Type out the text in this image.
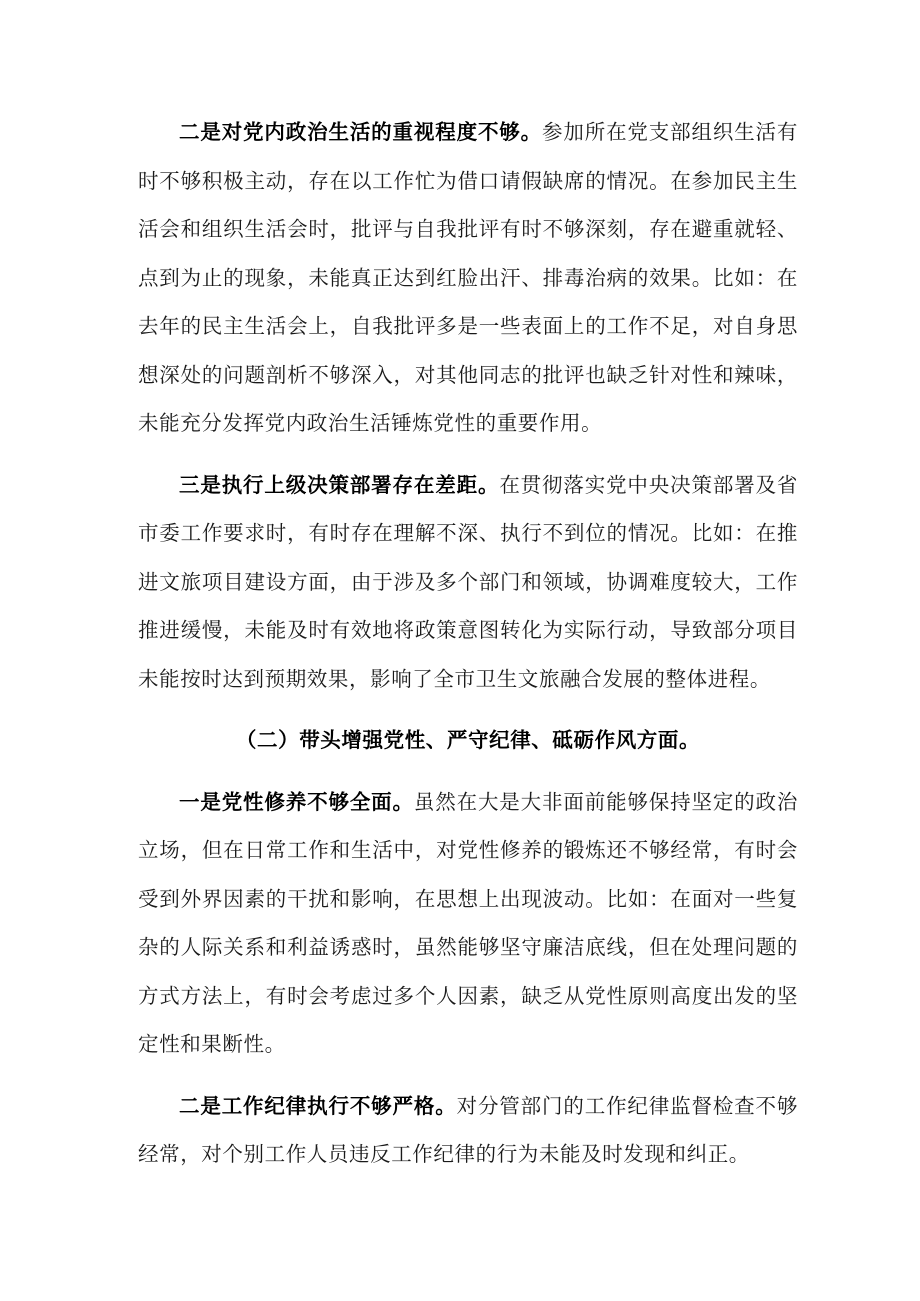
二是对党内政治生活的重视程度不够。参加所在党支部组织生活有时不够积极主动，存在以工作忙为借口请假缺席的情况。在参加民主生活会和组织生活会时，批评与自我批评有时不够深刻，存在避重就轻、点到为止的现象，未能真正达到红脸出汗、排毒治病的效果。比如：在去年的民主生活会上，自我批评多是一些表面上的工作不足，对自身思想深处的问题剖析不够深入，对其他同志的批评也缺乏针对性和辣味，未能充分发挥党内政治生活锤炼党性的重要作用。

三是执行上级决策部署存在差距。在贯彻落实党中央决策部署及省市委工作要求时，有时存在理解不深、执行不到位的情况。比如：在推进文旅项目建设方面，由于涉及多个部门和领域，协调难度较大，工作推进缓慢，未能及时有效地将政策意图转化为实际行动，导致部分项目未能按时达到预期效果，影响了全市卫生文旅融合发展的整体进程。

（二）带头增强党性、严守纪律、砥砺作风方面。

一是党性修养不够全面。虽然在大是大非面前能够保持坚定的政治立场，但在日常工作和生活中，对党性修养的锻炼还不够经常，有时会受到外界因素的干扰和影响，在思想上出现波动。比如：在面对一些复杂的人际关系和利益诱惑时，虽然能够坚守廉洁底线，但在处理问题的方式方法上，有时会考虑过多个人因素，缺乏从党性原则高度出发的坚定性和果断性。

二是工作纪律执行不够严格。对分管部门的工作纪律监督检查不够经常，对个别工作人员违反工作纪律的行为未能及时发现和纠正。
